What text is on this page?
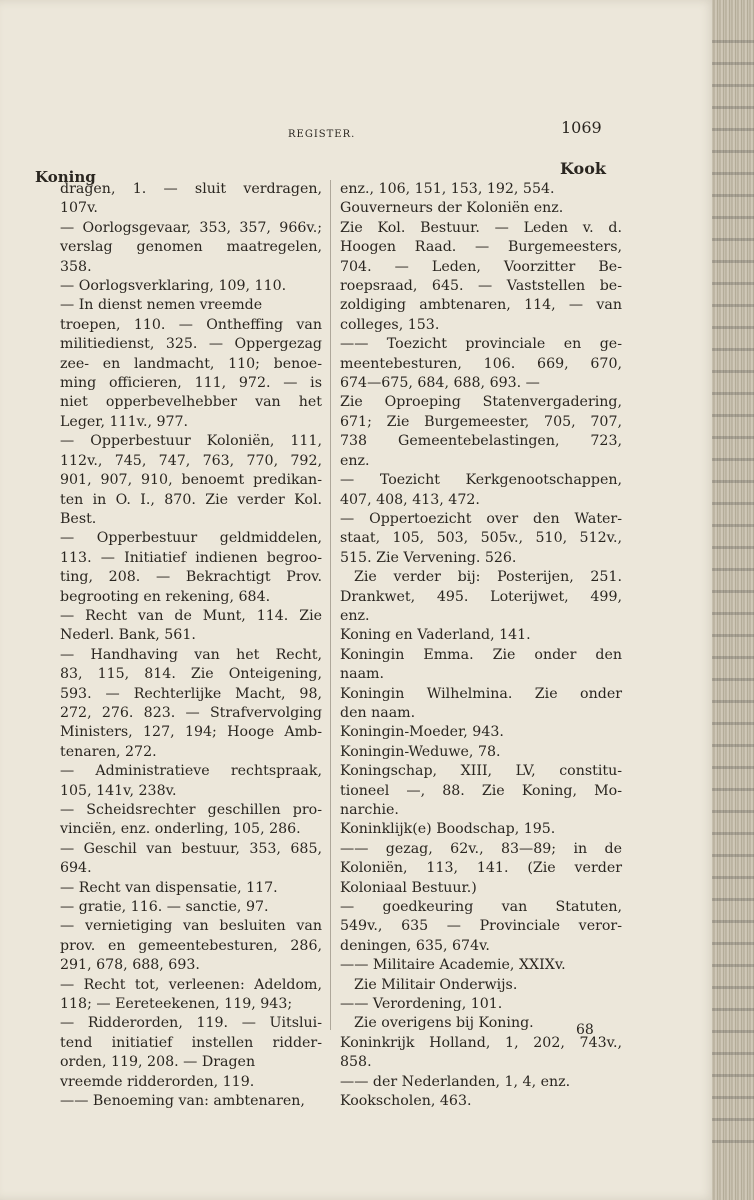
REGISTER.	1069
Koning	Kook
dragen, 1. — sluit verdragen,
107v.
— Oorlogsgevaar, 353, 357, 966v.;
verslag genomen maatregelen,
358.
— Oorlogsverklaring, 109, 110.
— In dienst nemen vreemde
troepen, 110. — Ontheffing van
militiedienst, 325. — Oppergezag
zee- en landmacht, 110; benoe-
ming officieren, 111, 972. — is
niet opperbevelhebber van het
Leger, 111v., 977.
— Opperbestuur Koloniën, 111,
112v., 745, 747, 763, 770, 792,
901, 907, 910, benoemt predikan-
ten in O. I., 870. Zie verder Kol.
Best.
— Opperbestuur geldmiddelen,
113. — Initiatief indienen begroo-
ting, 208. — Bekrachtigt Prov.
begrooting en rekening, 684.
— Recht van de Munt, 114. Zie
Nederl. Bank, 561.
— Handhaving van het Recht,
83, 115, 814. Zie Onteigening,
593. — Rechterlijke Macht, 98,
272, 276. 823. — Strafvervolging
Ministers, 127, 194; Hooge Amb-
tenaren, 272.
— Administratieve rechtspraak,
105, 141v, 238v.
— Scheidsrechter geschillen pro-
vinciën, enz. onderling, 105, 286.
— Geschil van bestuur, 353, 685,
694.
— Recht van dispensatie, 117.
— gratie, 116. — sanctie, 97.
— vernietiging van besluiten van
prov. en gemeentebesturen, 286,
291, 678, 688, 693.
— Recht tot, verleenen: Adeldom,
118; — Eereteekenen, 119, 943;
— Ridderorden, 119. — Uitslui-
tend initiatief instellen ridder-
orden, 119, 208. — Dragen
vreemde ridderorden, 119.
—— Benoeming van: ambtenaren,
enz., 106, 151, 153, 192, 554.
Gouverneurs der Koloniën enz.
Zie Kol. Bestuur. — Leden v. d.
Hoogen Raad. — Burgemeesters,
704. — Leden, Voorzitter Be-
roepsraad, 645. — Vaststellen be-
zoldiging ambtenaren, 114, — van
colleges, 153.
—— Toezicht provinciale en ge-
meentebesturen, 106. 669, 670,
674—675, 684, 688, 693. —
Zie Oproeping Statenvergadering,
671; Zie Burgemeester, 705, 707,
738 Gemeentebelastingen, 723,
enz.
— Toezicht Kerkgenootschappen,
407, 408, 413, 472.
— Oppertoezicht over den Water-
staat, 105, 503, 505v., 510, 512v.,
515. Zie Vervening. 526.
Zie verder bij: Posterijen, 251.
Drankwet, 495. Loterijwet, 499,
enz.
Koning en Vaderland, 141.
Koningin Emma. Zie onder den
naam.
Koningin Wilhelmina. Zie onder
den naam.
Koningin-Moeder, 943.
Koningin-Weduwe, 78.
Koningschap, XIII, LV, constitu-
tioneel —, 88. Zie Koning, Mo-
narchie.
Koninklijk(e) Boodschap, 195.
—— gezag, 62v., 83—89; in de
Koloniën, 113, 141. (Zie verder
Koloniaal Bestuur.)
— goedkeuring van Statuten,
549v., 635 — Provinciale veror-
deningen, 635, 674v.
—— Militaire Academie, XXIXv.
Zie Militair Onderwijs.
—— Verordening, 101.
Zie overigens bij Koning.
Koninkrijk Holland, 1, 202, 743v.,
858.
—— der Nederlanden, 1, 4, enz.
Kookscholen, 463.
68
